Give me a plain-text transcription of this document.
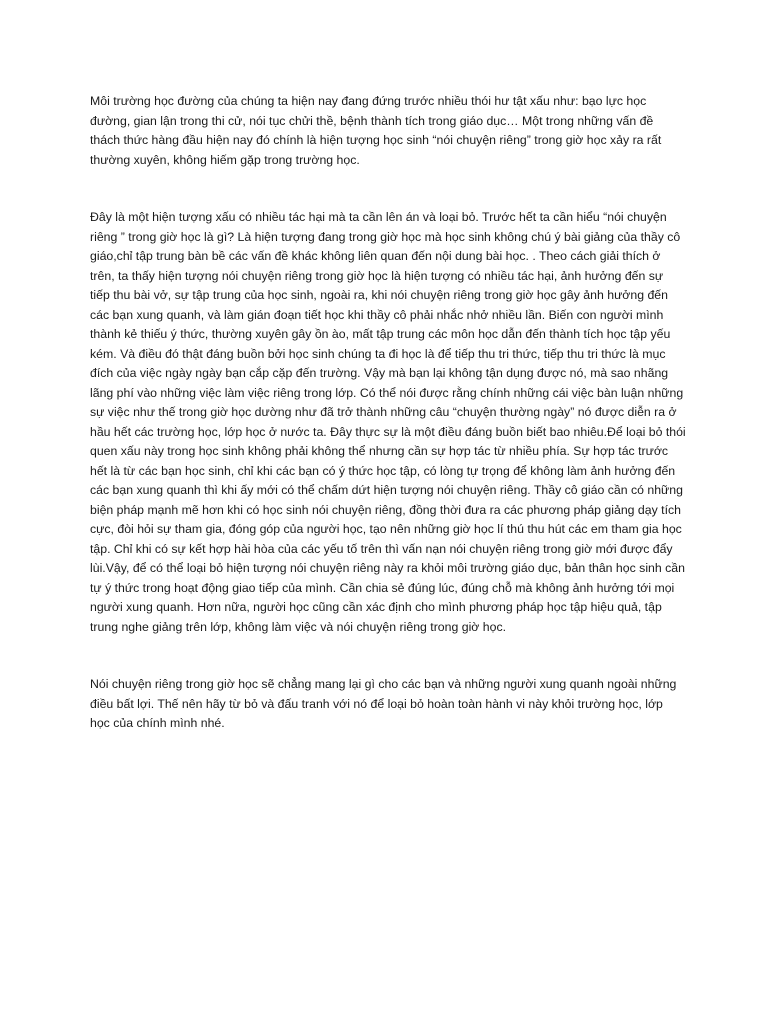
Môi trường học đường của chúng ta hiện nay đang đứng trước nhiều thói hư tật xấu như: bạo lực học đường, gian lận trong thi cử, nói tục chửi thề, bệnh thành tích trong giáo dục… Một trong những vấn đề thách thức hàng đầu hiện nay đó chính là hiện tượng học sinh “nói chuyện riêng” trong giờ học xảy ra rất thường xuyên, không hiếm gặp trong trường học.

Đây là một hiện tượng xấu có nhiều tác hại mà ta cần lên án và loại bỏ. Trước hết ta cần hiểu “nói chuyện riêng ” trong giờ học là gì? Là hiện tượng đang trong giờ học mà học sinh không chú ý bài giảng của thầy cô giáo,chỉ tập trung bàn bề các vấn đề khác không liên quan đến nội dung bài học. . Theo cách giải thích ở trên, ta thấy hiện tượng nói chuyện riêng trong giờ học là hiện tượng có nhiều tác hại, ảnh hưởng đến sự tiếp thu bài vở, sự tập trung của học sinh, ngoài ra, khi nói chuyện riêng trong giờ học gây ảnh hưởng đến các bạn xung quanh, và làm gián đoạn tiết học khi thầy cô phải nhắc nhở nhiều lần. Biến con người mình thành kẻ thiếu ý thức, thường xuyên gây ồn ào, mất tập trung các môn học dẫn đến thành tích học tập yếu kém. Và điều đó thật đáng buồn bởi học sinh chúng ta đi học là để tiếp thu tri thức, tiếp thu tri thức là mục đích của việc ngày ngày bạn cắp cặp đến trường. Vậy mà bạn lại không tận dụng được nó, mà sao nhãng lãng phí vào những việc làm việc riêng trong lớp. Có thể nói được rằng chính những cái việc bàn luận những sự việc như thế trong giờ học dường như đã trở thành những câu “chuyện thường ngày” nó được diễn ra ở hầu hết các trường học, lớp học ở nước ta. Đây thực sự là một điều đáng buồn biết bao nhiêu.Để loại bỏ thói quen xấu này trong học sinh không phải không thể nhưng cần sự hợp tác từ nhiều phía. Sự hợp tác trước hết là từ các bạn học sinh, chỉ khi các bạn có ý thức học tập, có lòng tự trọng để không làm ảnh hưởng đến các bạn xung quanh thì khi ấy mới có thể chấm dứt hiện tượng nói chuyện riêng. Thầy cô giáo cần có những biện pháp mạnh mẽ hơn khi có học sinh nói chuyện riêng, đồng thời đưa ra các phương pháp giảng dạy tích cực, đòi hỏi sự tham gia, đóng góp của người học, tạo nên những giờ học lí thú thu hút các em tham gia học tập. Chỉ khi có sự kết hợp hài hòa của các yếu tố trên thì vấn nạn nói chuyện riêng trong giờ mới được đẩy lùi.Vậy, để có thể loại bỏ hiện tượng nói chuyện riêng này ra khỏi môi trường giáo dục, bản thân học sinh cần tự ý thức trong hoạt động giao tiếp của mình. Cần chia sẻ đúng lúc, đúng chỗ mà không ảnh hưởng tới mọi người xung quanh. Hơn nữa, người học cũng cần xác định cho mình phương pháp học tập hiệu quả, tập trung nghe giảng trên lớp, không làm việc và nói chuyện riêng trong giờ học.

Nói chuyện riêng trong giờ học sẽ chẳng mang lại gì cho các bạn và những người xung quanh ngoài những điều bất lợi. Thế nên hãy từ bỏ và đấu tranh với nó để loại bỏ hoàn toàn hành vi này khỏi trường học, lớp học của chính mình nhé.
